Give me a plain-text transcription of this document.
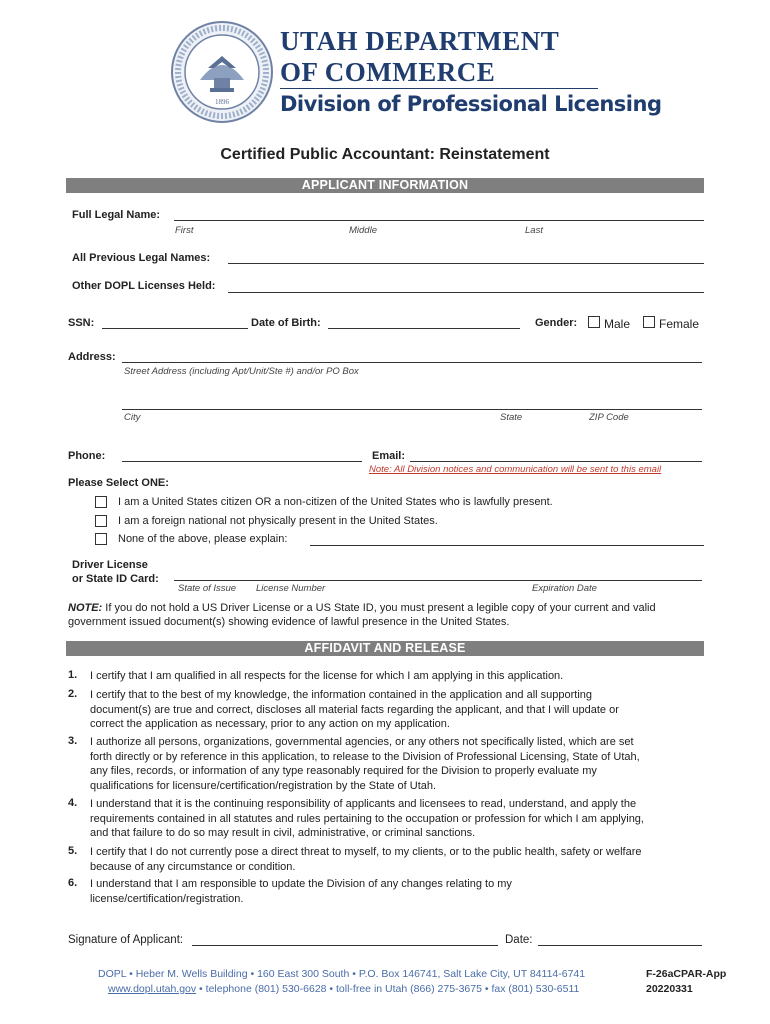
1896
UTAH DEPARTMENT
OF COMMERCE
Division of Professional Licensing
Certified Public Accountant: Reinstatement
APPLICANT INFORMATION
Full Legal Name:
First	Middle	Last
All Previous Legal Names:
Other DOPL Licenses Held:
SSN:	Date of Birth:	Gender: Male Female
Address:
Street Address (including Apt/Unit/Ste #) and/or PO Box
City	State	ZIP Code
Phone:	Email:
Note: All Division notices and communication will be sent to this email
Please Select ONE:
I am a United States citizen OR a non-citizen of the United States who is lawfully present.
I am a foreign national not physically present in the United States.
None of the above, please explain:
Driver License
or State ID Card:
State of Issue License Number	Expiration Date
NOTE: If you do not hold a US Driver License or a US State ID, you must present a legible copy of your current and valid
government issued document(s) showing evidence of lawful presence in the United States.
AFFIDAVIT AND RELEASE
1. I certify that I am qualified in all respects for the license for which I am applying in this application.
2. I certify that to the best of my knowledge, the information contained in the application and all supporting
document(s) are true and correct, discloses all material facts regarding the applicant, and that I will update or
correct the application as necessary, prior to any action on my application.
3. I authorize all persons, organizations, governmental agencies, or any others not specifically listed, which are set
forth directly or by reference in this application, to release to the Division of Professional Licensing, State of Utah,
any files, records, or information of any type reasonably required for the Division to properly evaluate my
qualifications for licensure/certification/registration by the State of Utah.
4. I understand that it is the continuing responsibility of applicants and licensees to read, understand, and apply the
requirements contained in all statutes and rules pertaining to the occupation or profession for which I am applying,
and that failure to do so may result in civil, administrative, or criminal sanctions.
5. I certify that I do not currently pose a direct threat to myself, to my clients, or to the public health, safety or welfare
because of any circumstance or condition.
6. I understand that I am responsible to update the Division of any changes relating to my
license/certification/registration.
Signature of Applicant:	Date:
DOPL • Heber M. Wells Building • 160 East 300 South • P.O. Box 146741, Salt Lake City, UT 84114-6741
www.dopl.utah.gov • telephone (801) 530-6628 • toll-free in Utah (866) 275-3675 • fax (801) 530-6511
F-26aCPAR-App
20220331
